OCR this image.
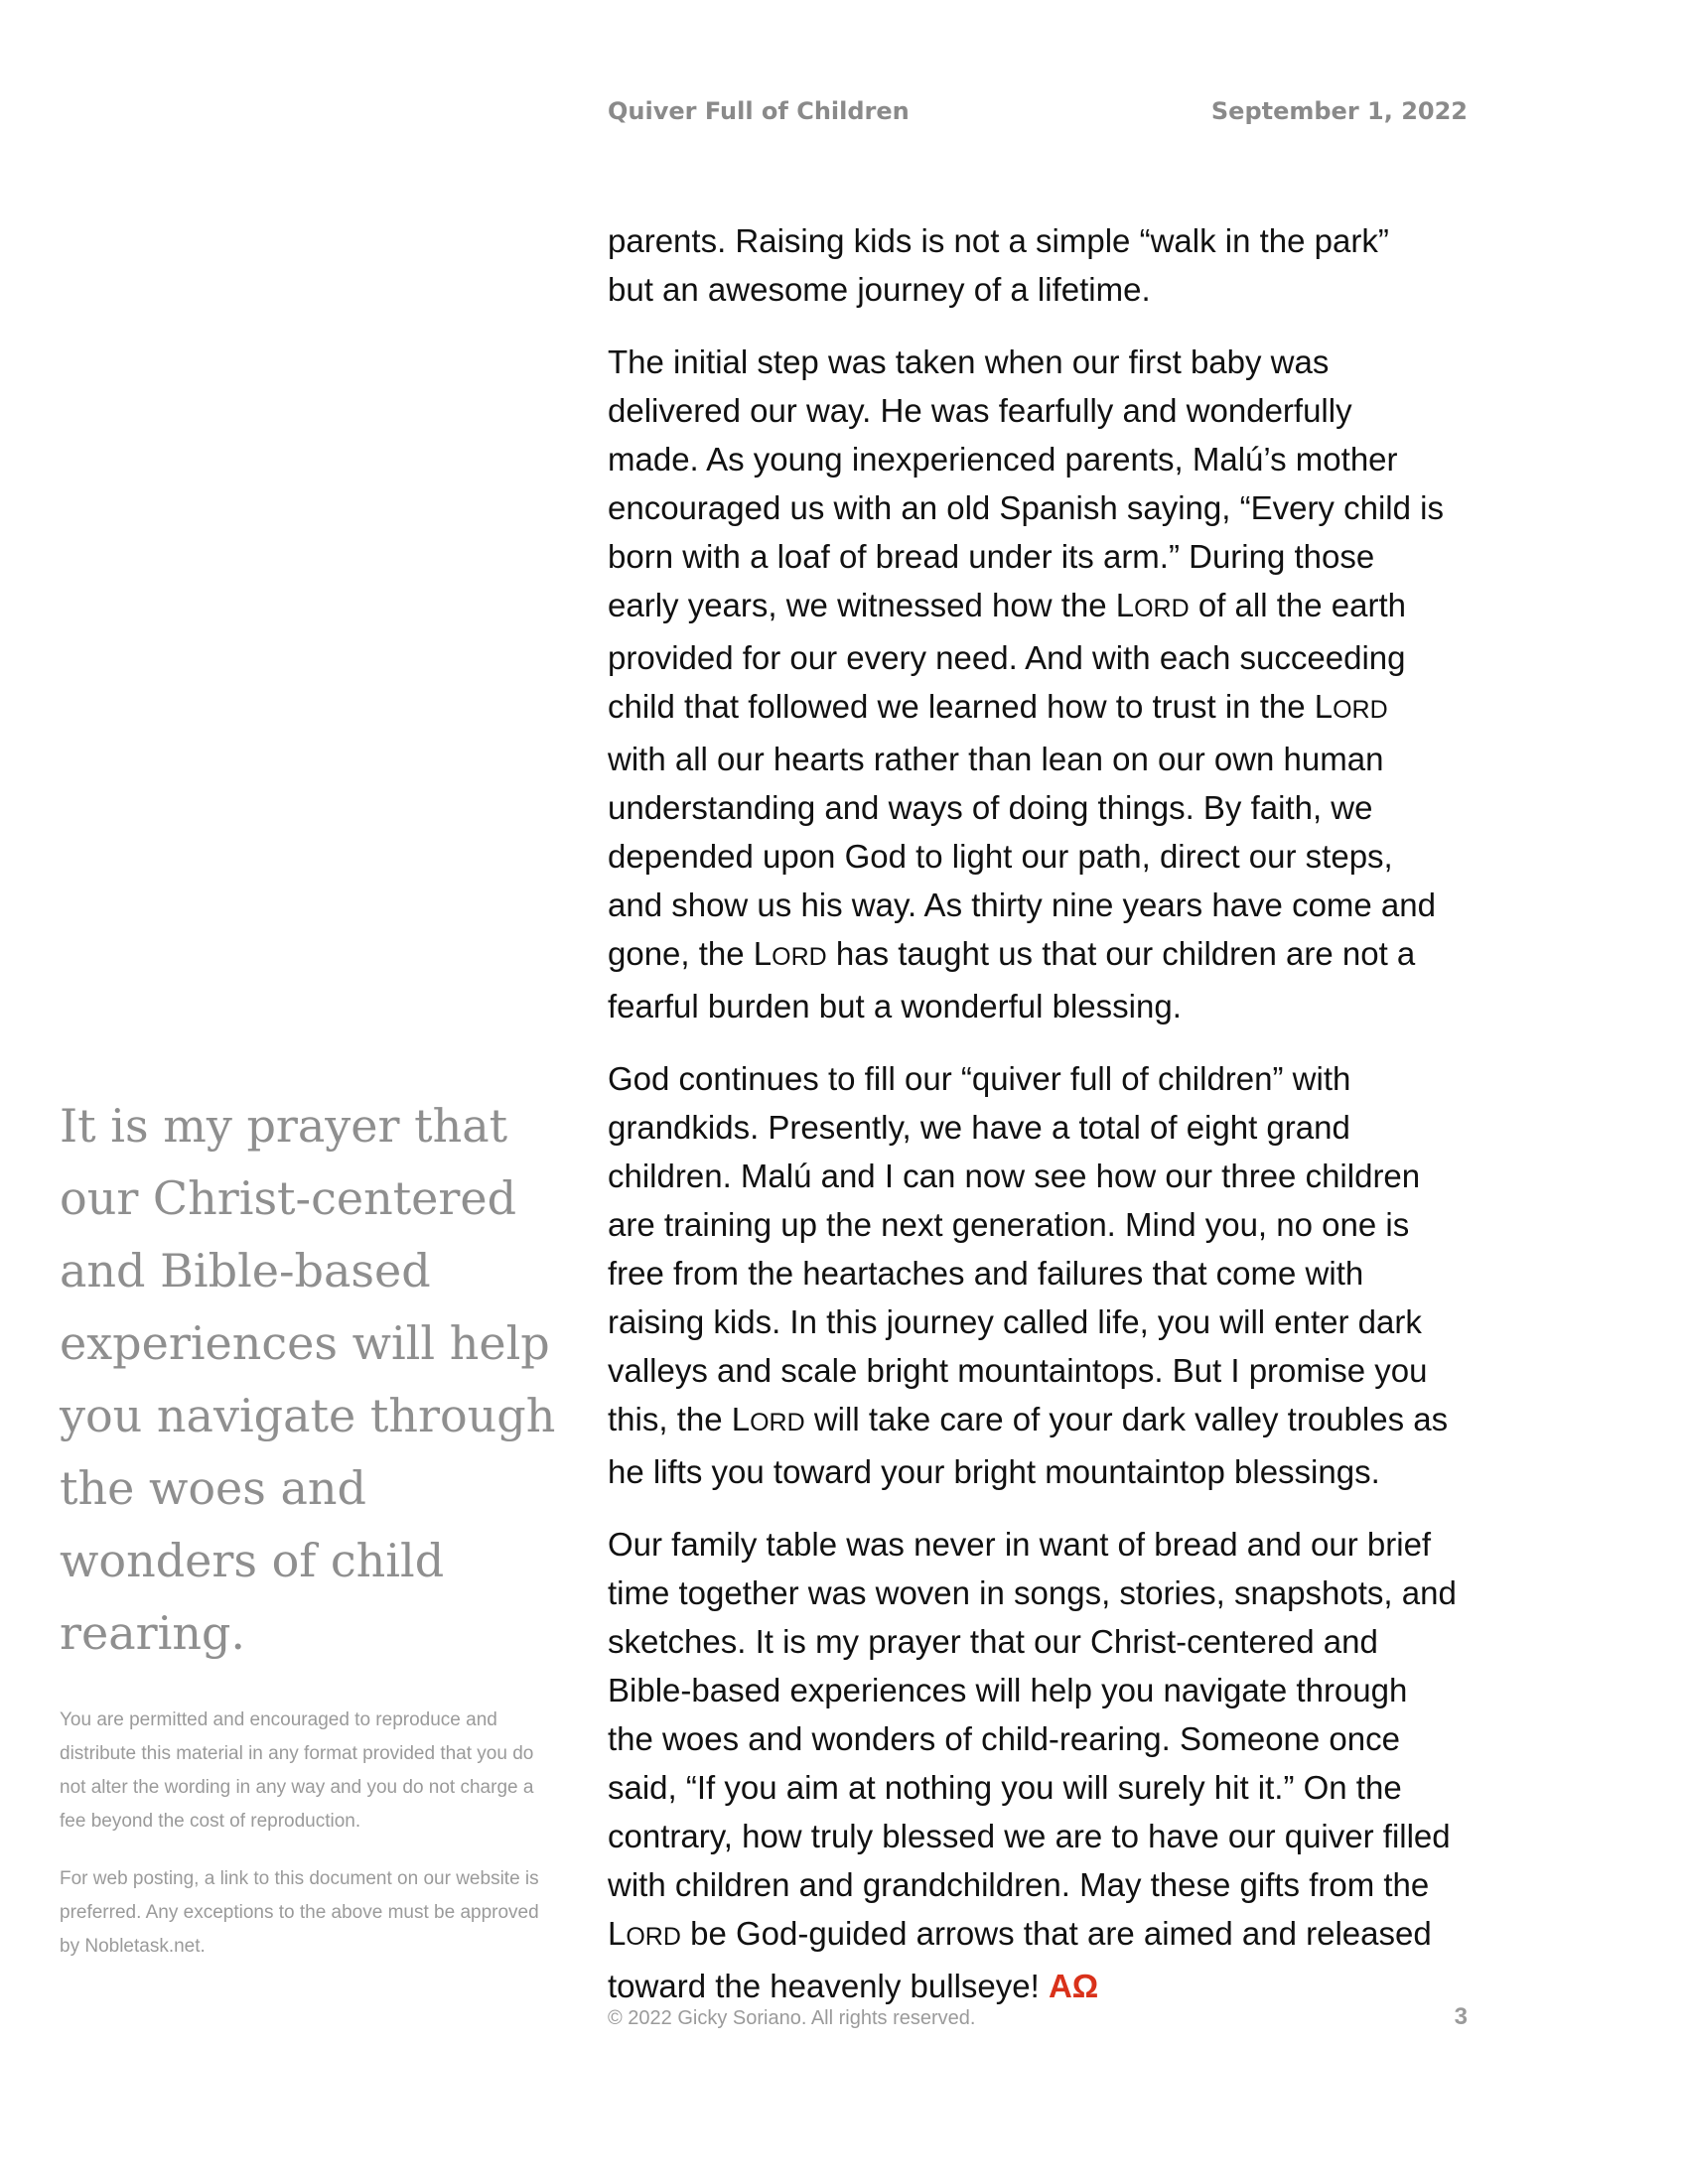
Quiver Full of Children	September 1, 2022

parents. Raising kids is not a simple “walk in the park”
but an awesome journey of a lifetime.

The initial step was taken when our first baby was
delivered our way. He was fearfully and wonderfully
made. As young inexperienced parents, Malú’s mother
encouraged us with an old Spanish saying, “Every child is
born with a loaf of bread under its arm.” During those
early years, we witnessed how the LORD of all the earth
provided for our every need. And with each succeeding
child that followed we learned how to trust in the LORD
with all our hearts rather than lean on our own human
understanding and ways of doing things. By faith, we
depended upon God to light our path, direct our steps,
and show us his way. As thirty nine years have come and
gone, the LORD has taught us that our children are not a
fearful burden but a wonderful blessing.

God continues to fill our “quiver full of children” with
grandkids. Presently, we have a total of eight grand
children. Malú and I can now see how our three children
are training up the next generation. Mind you, no one is
free from the heartaches and failures that come with
raising kids. In this journey called life, you will enter dark
valleys and scale bright mountaintops. But I promise you
this, the LORD will take care of your dark valley troubles as
he lifts you toward your bright mountaintop blessings.

Our family table was never in want of bread and our brief
time together was woven in songs, stories, snapshots, and
sketches. It is my prayer that our Christ-centered and
Bible-based experiences will help you navigate through
the woes and wonders of child-rearing. Someone once
said, “If you aim at nothing you will surely hit it.” On the
contrary, how truly blessed we are to have our quiver filled
with children and grandchildren. May these gifts from the
LORD be God-guided arrows that are aimed and released
toward the heavenly bullseye! ΑΩ

It is my prayer that
our Christ-centered
and Bible-based
experiences will help
you navigate through
the woes and
wonders of child
rearing.

You are permitted and encouraged to reproduce and distribute this material in any format provided that you do not alter the wording in any way and you do not charge a fee beyond the cost of reproduction.

For web posting, a link to this document on our website is preferred. Any exceptions to the above must be approved by Nobletask.net.

© 2022 Gicky Soriano. All rights reserved.	3
